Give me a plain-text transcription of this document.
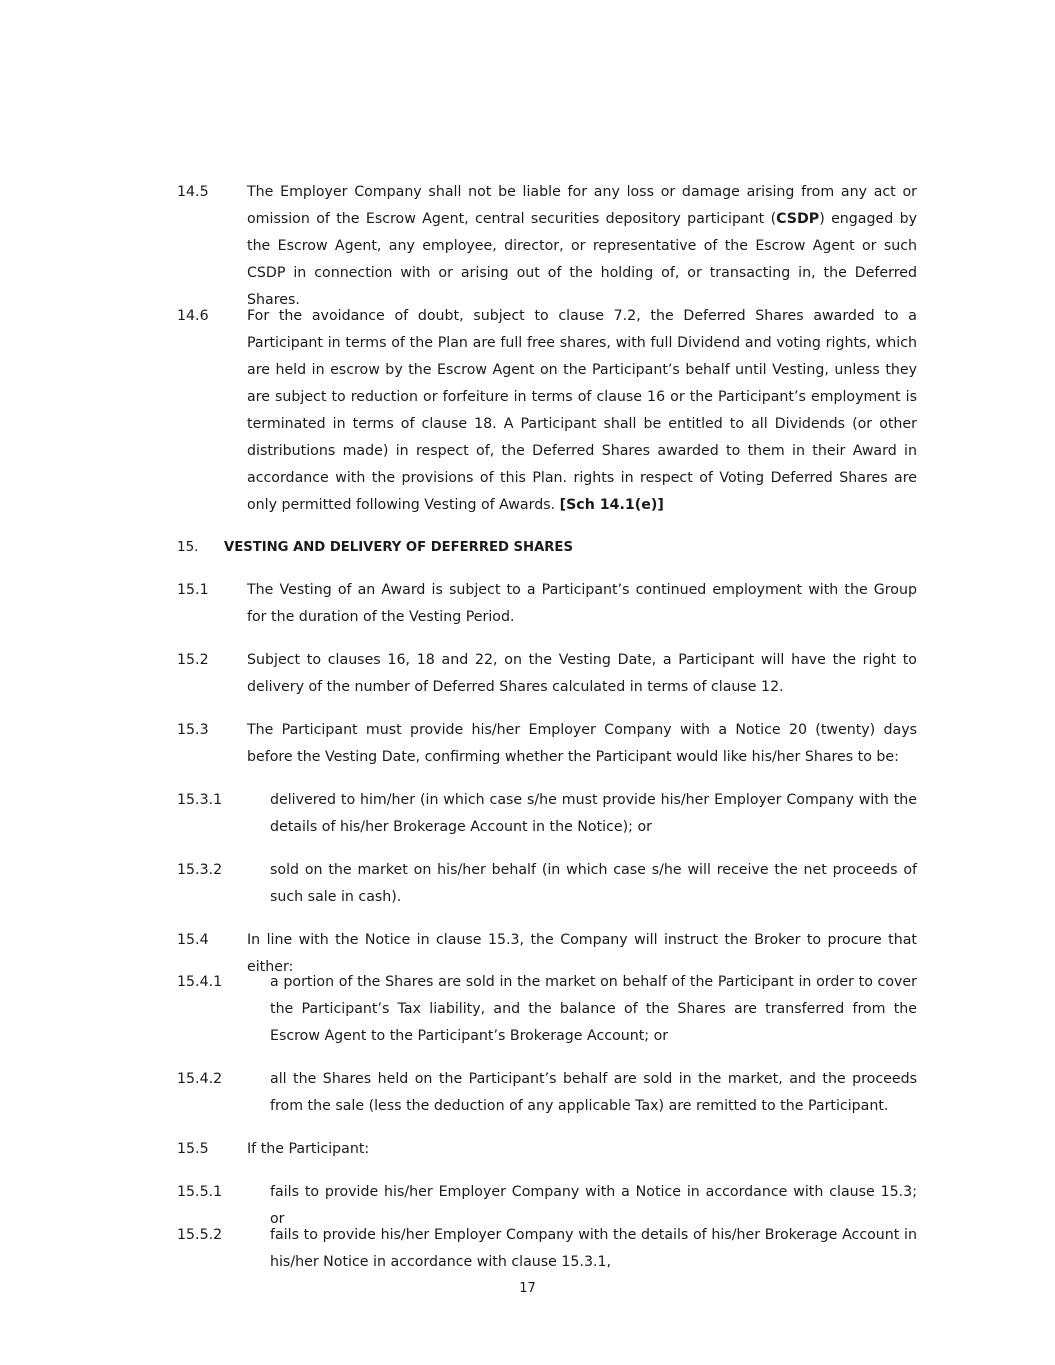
14.5	The Employer Company shall not be liable for any loss or damage arising from any act or omission of the Escrow Agent, central securities depository participant (CSDP) engaged by the Escrow Agent, any employee, director, or representative of the Escrow Agent or such CSDP in connection with or arising out of the holding of, or transacting in, the Deferred Shares.
14.6	For the avoidance of doubt, subject to clause 7.2, the Deferred Shares awarded to a Participant in terms of the Plan are full free shares, with full Dividend and voting rights, which are held in escrow by the Escrow Agent on the Participant’s behalf until Vesting, unless they are subject to reduction or forfeiture in terms of clause 16 or the Participant’s employment is terminated in terms of clause 18. A Participant shall be entitled to all Dividends (or other distributions made) in respect of, the Deferred Shares awarded to them in their Award in accordance with the provisions of this Plan. rights in respect of Voting Deferred Shares are only permitted following Vesting of Awards. [Sch 14.1(e)]
15. VESTING AND DELIVERY OF DEFERRED SHARES
15.1	The Vesting of an Award is subject to a Participant’s continued employment with the Group for the duration of the Vesting Period.
15.2	Subject to clauses 16, 18 and 22, on the Vesting Date, a Participant will have the right to delivery of the number of Deferred Shares calculated in terms of clause 12.
15.3	The Participant must provide his/her Employer Company with a Notice 20 (twenty) days before the Vesting Date, confirming whether the Participant would like his/her Shares to be:
15.3.1	delivered to him/her (in which case s/he must provide his/her Employer Company with the details of his/her Brokerage Account in the Notice); or
15.3.2	sold on the market on his/her behalf (in which case s/he will receive the net proceeds of such sale in cash).
15.4	In line with the Notice in clause 15.3, the Company will instruct the Broker to procure that either:
15.4.1	a portion of the Shares are sold in the market on behalf of the Participant in order to cover the Participant’s Tax liability, and the balance of the Shares are transferred from the Escrow Agent to the Participant’s Brokerage Account; or
15.4.2	all the Shares held on the Participant’s behalf are sold in the market, and the proceeds from the sale (less the deduction of any applicable Tax) are remitted to the Participant.
15.5	If the Participant:
15.5.1	fails to provide his/her Employer Company with a Notice in accordance with clause 15.3; or
15.5.2	fails to provide his/her Employer Company with the details of his/her Brokerage Account in his/her Notice in accordance with clause 15.3.1,
17
